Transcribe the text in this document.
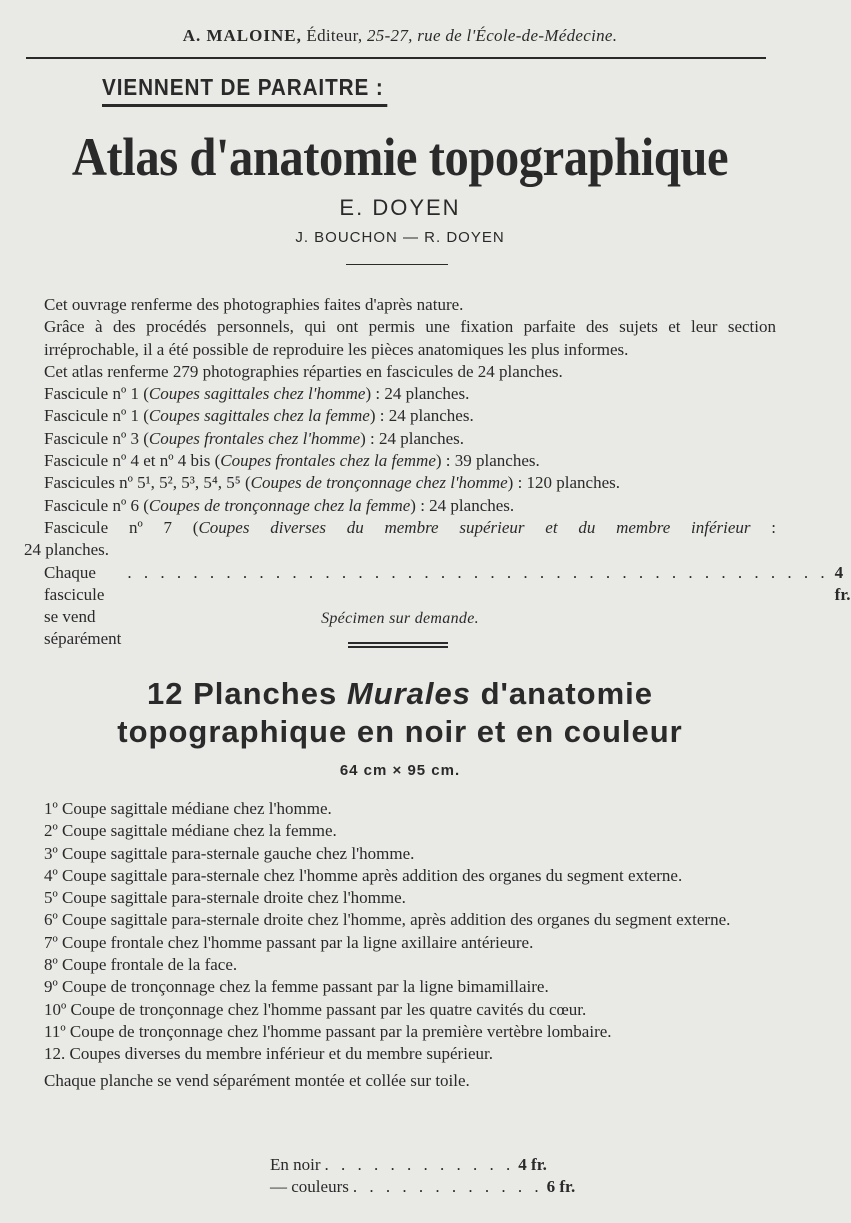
A. MALOINE, Éditeur, 25-27, rue de l'École-de-Médecine.
VIENNENT DE PARAITRE :
Atlas d'anatomie topographique
E. DOYEN
J. BOUCHON — R. DOYEN
Cet ouvrage renferme des photographies faites d'après nature.
Grâce à des procédés personnels, qui ont permis une fixation parfaite des sujets et leur section irréprochable, il a été possible de reproduire les pièces anatomiques les plus informes.
Cet atlas renferme 279 photographies réparties en fascicules de 24 planches.
Fascicule nº 1 (Coupes sagittales chez l'homme) : 24 planches.
Fascicule nº 1 (Coupes sagittales chez la femme) : 24 planches.
Fascicule nº 3 (Coupes frontales chez l'homme) : 24 planches.
Fascicule nº 4 et nº 4 bis (Coupes frontales chez la femme) : 39 planches.
Fascicules nº 5¹, 5², 5³, 5⁴, 5⁵ (Coupes de tronçonnage chez l'homme) : 120 planches.
Fascicule nº 6 (Coupes de tronçonnage chez la femme) : 24 planches.
Fascicule nº 7 (Coupes diverses du membre supérieur et du membre inférieur :
24 planches.
Chaque fascicule se vend séparément
. . . . . . . . . . . . . . . . . . . . . . . . . . . . . . . . . . . . . . . . . . . 4 fr.
Spécimen sur demande.
12 Planches Murales d'anatomie
topographique en noir et en couleur
64 cm × 95 cm.
1º Coupe sagittale médiane chez l'homme.
2º Coupe sagittale médiane chez la femme.
3º Coupe sagittale para-sternale gauche chez l'homme.
4º Coupe sagittale para-sternale chez l'homme après addition des organes du segment externe.
5º Coupe sagittale para-sternale droite chez l'homme.
6º Coupe sagittale para-sternale droite chez l'homme, après addition des organes du segment externe.
7º Coupe frontale chez l'homme passant par la ligne axillaire antérieure.
8º Coupe frontale de la face.
9º Coupe de tronçonnage chez la femme passant par la ligne bimamillaire.
10º Coupe de tronçonnage chez l'homme passant par les quatre cavités du cœur.
11º Coupe de tronçonnage chez l'homme passant par la première vertèbre lombaire.
12. Coupes diverses du membre inférieur et du membre supérieur.
Chaque planche se vend séparément montée et collée sur toile.
En noir . . . . . . . . . . . . 4 fr.
— couleurs . . . . . . . . . . . . 6 fr.
